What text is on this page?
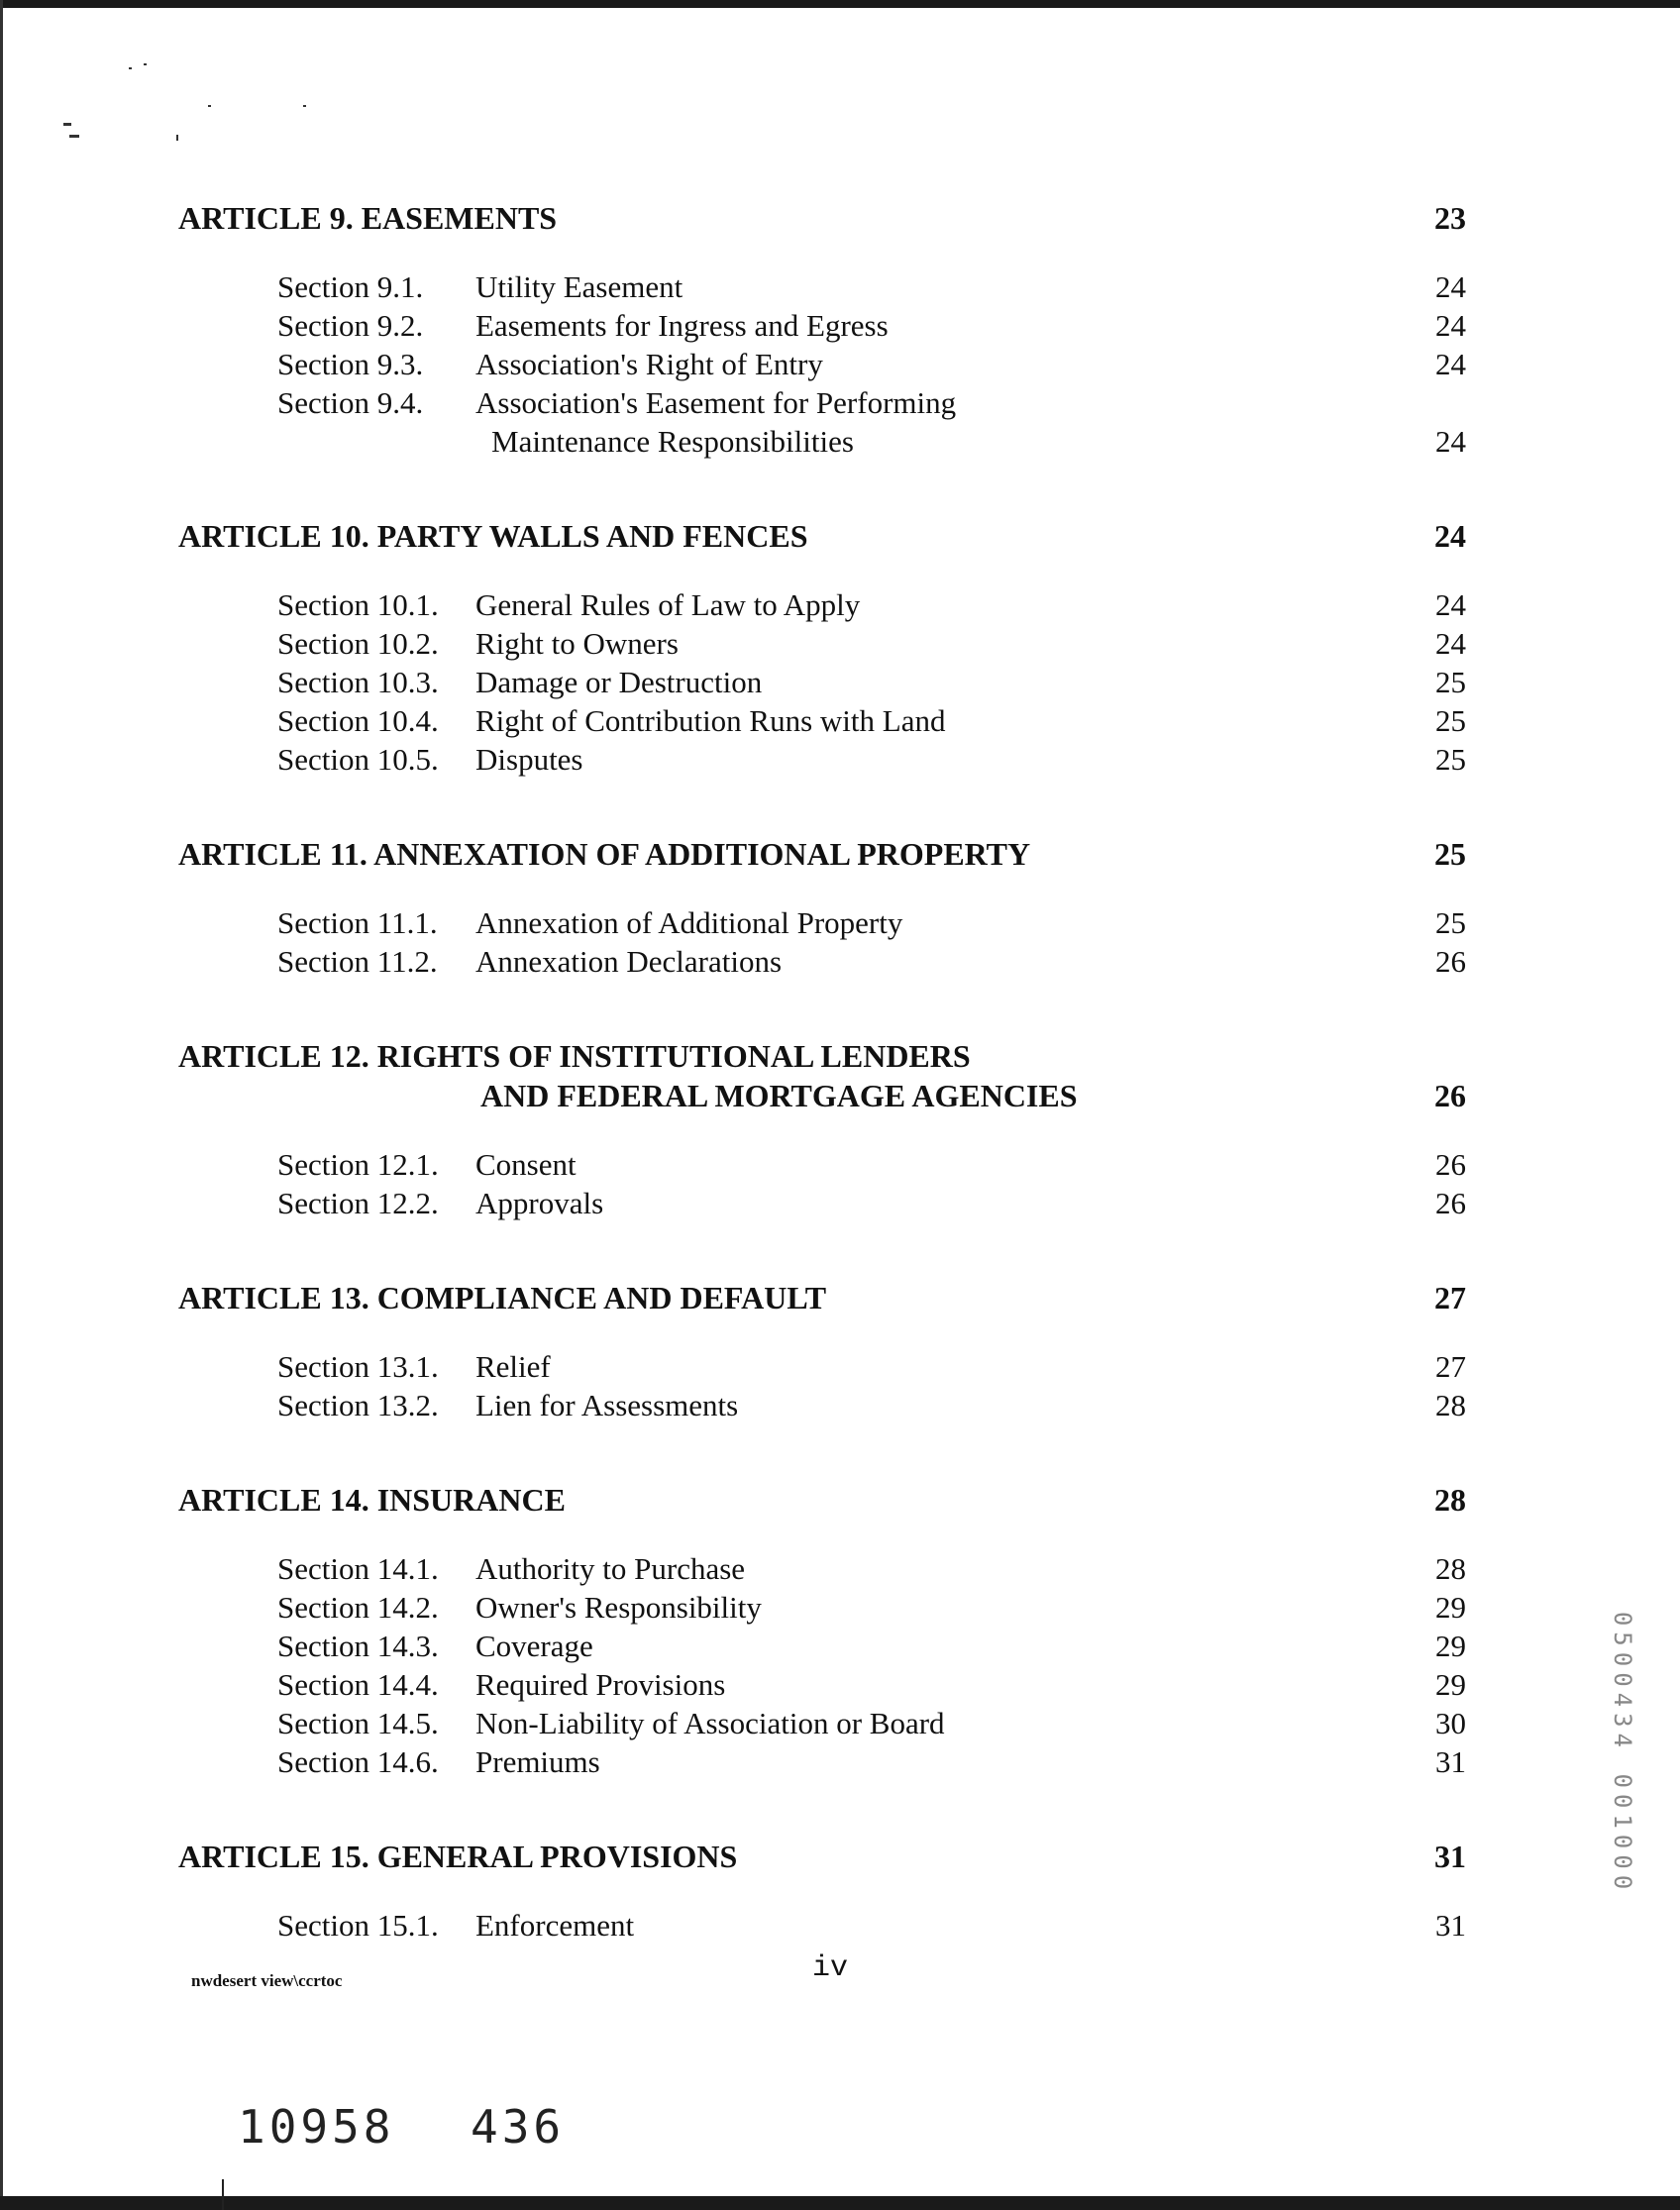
ARTICLE 9. EASEMENTS	23
Section 9.1.	Utility Easement	24
Section 9.2.	Easements for Ingress and Egress	24
Section 9.3.	Association's Right of Entry	24
Section 9.4.	Association's Easement for Performing
Maintenance Responsibilities	24
ARTICLE 10. PARTY WALLS AND FENCES	24
Section 10.1.	General Rules of Law to Apply	24
Section 10.2.	Right to Owners	24
Section 10.3.	Damage or Destruction	25
Section 10.4.	Right of Contribution Runs with Land	25
Section 10.5.	Disputes	25
ARTICLE 11. ANNEXATION OF ADDITIONAL PROPERTY	25
Section 11.1.	Annexation of Additional Property	25
Section 11.2.	Annexation Declarations	26
ARTICLE 12. RIGHTS OF INSTITUTIONAL LENDERS
AND FEDERAL MORTGAGE AGENCIES	26
Section 12.1.	Consent	26
Section 12.2.	Approvals	26
ARTICLE 13. COMPLIANCE AND DEFAULT	27
Section 13.1.	Relief	27
Section 13.2.	Lien for Assessments	28
ARTICLE 14. INSURANCE	28
Section 14.1.	Authority to Purchase	28
Section 14.2.	Owner's Responsibility	29
Section 14.3.	Coverage	29
Section 14.4.	Required Provisions	29
Section 14.5.	Non-Liability of Association or Board	30
Section 14.6.	Premiums	31
ARTICLE 15. GENERAL PROVISIONS	31
Section 15.1.	Enforcement	31
nwdesert view\ccrtoc	iv
10958 436
0500434 001000
